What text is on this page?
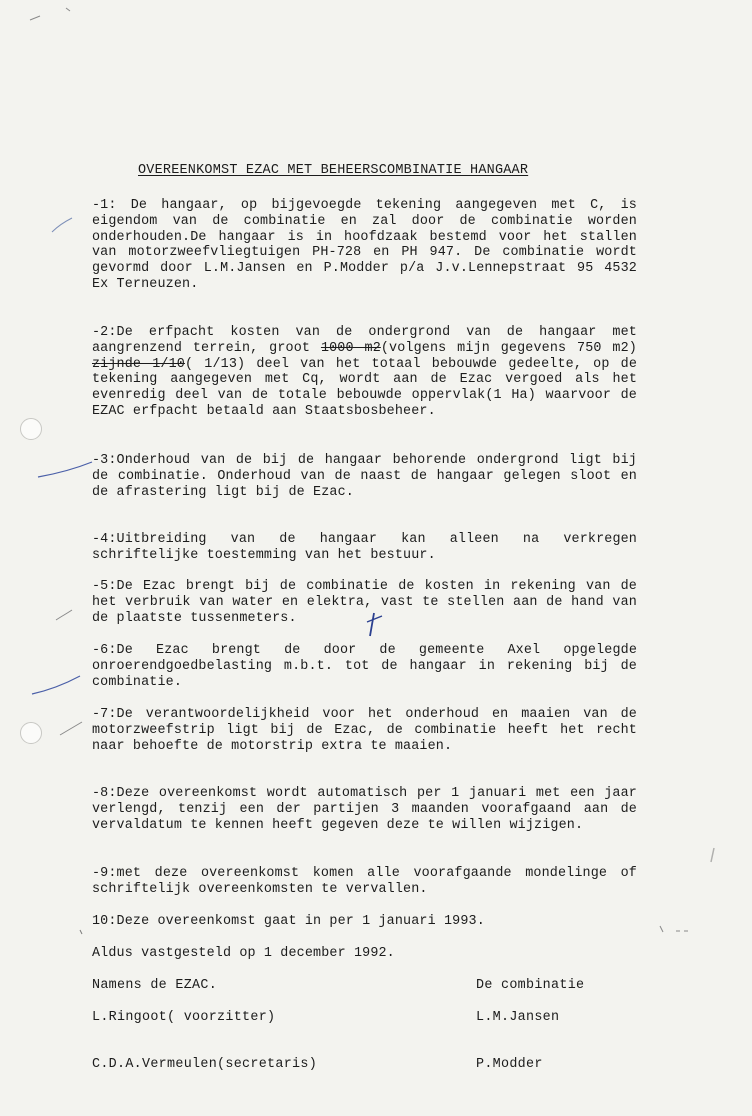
OVEREENKOMST EZAC MET BEHEERSCOMBINATIE HANGAAR

-1: De hangaar, op bijgevoegde tekening aangegeven met C, is eigendom van de combinatie en zal door de combinatie worden onderhouden.De hangaar is in hoofdzaak bestemd voor het stallen van motorzweefvliegtuigen PH-728 en PH 947. De combinatie wordt gevormd door L.M.Jansen en P.Modder p/a J.v.Lennepstraat 95 4532 Ex Terneuzen.

-2:De erfpacht kosten van de ondergrond van de hangaar met aangrenzend terrein, groot 1000 m2(volgens mijn gegevens 750 m2) zijnde 1/10( 1/13) deel van het totaal bebouwde gedeelte, op de tekening aangegeven met Cq, wordt aan de Ezac vergoed als het evenredig deel van de totale bebouwde oppervlak(1 Ha) waarvoor de EZAC erfpacht betaald aan Staatsbosbeheer.

-3:Onderhoud van de bij de hangaar behorende ondergrond ligt bij de combinatie. Onderhoud van de naast de hangaar gelegen sloot en de afrastering ligt bij de Ezac.

-4:Uitbreiding van de hangaar kan alleen na verkregen schriftelijke toestemming van het bestuur.

-5:De Ezac brengt bij de combinatie de kosten in rekening van de het verbruik van water en elektra, vast te stellen aan de hand van de plaatste tussenmeters.

-6:De Ezac brengt de door de gemeente Axel opgelegde onroerendgoedbelasting m.b.t. tot de hangaar in rekening bij de combinatie.

-7:De verantwoordelijkheid voor het onderhoud en maaien van de motorzweefstrip ligt bij de Ezac, de combinatie heeft het recht naar behoefte de motorstrip extra te maaien.

-8:Deze overeenkomst wordt automatisch per 1 januari met een jaar verlengd, tenzij een der partijen 3 maanden voorafgaand aan de vervaldatum te kennen heeft gegeven deze te willen wijzigen.

-9:met deze overeenkomst komen alle voorafgaande mondelinge of schriftelijk overeenkomsten te vervallen.

10:Deze overeenkomst gaat in per 1 januari 1993.

Aldus vastgesteld op 1 december 1992.

Namens de EZAC.	De combinatie

L.Ringoot( voorzitter)	L.M.Jansen

C.D.A.Vermeulen(secretaris)	P.Modder
